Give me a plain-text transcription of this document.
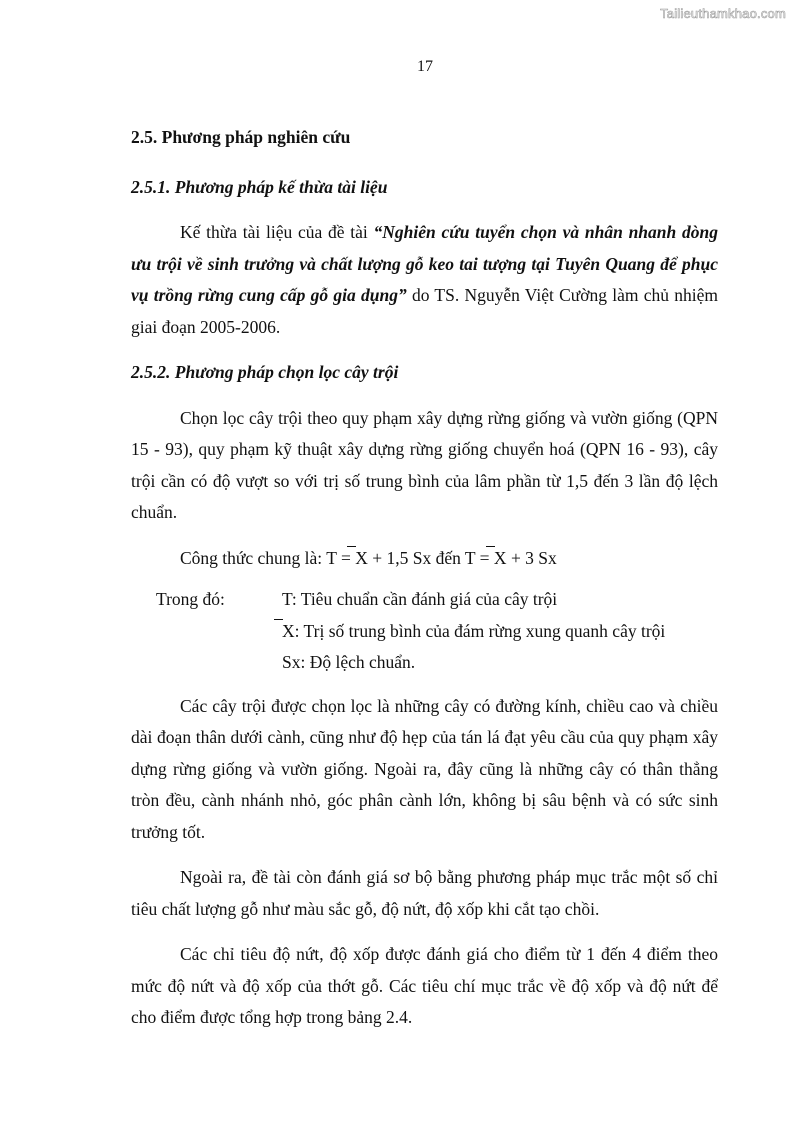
Tailieuthamkhao.com
17
2.5. Phương pháp nghiên cứu
2.5.1. Phương pháp kế thừa tài liệu

Kế thừa tài liệu của đề tài “Nghiên cứu tuyển chọn và nhân nhanh dòng ưu trội về sinh trưởng và chất lượng gỗ keo tai tượng tại Tuyên Quang để phục vụ trồng rừng cung cấp gỗ gia dụng” do TS. Nguyễn Việt Cường làm chủ nhiệm giai đoạn 2005-2006.

2.5.2. Phương pháp chọn lọc cây trội

Chọn lọc cây trội theo quy phạm xây dựng rừng giống và vườn giống (QPN 15 - 93), quy phạm kỹ thuật xây dựng rừng giống chuyển hoá (QPN 16 - 93), cây trội cần có độ vượt so với trị số trung bình của lâm phần từ 1,5 đến 3 lần độ lệch chuẩn.

Công thức chung là: T = X + 1,5 Sx đến T = X + 3 Sx
Trong đó:	T: Tiêu chuẩn cần đánh giá của cây trội
X: Trị số trung bình của đám rừng xung quanh cây trội
Sx: Độ lệch chuẩn.

Các cây trội được chọn lọc là những cây có đường kính, chiều cao và chiều dài đoạn thân dưới cành, cũng như độ hẹp của tán lá đạt yêu cầu của quy phạm xây dựng rừng giống và vườn giống. Ngoài ra, đây cũng là những cây có thân thẳng tròn đều, cành nhánh nhỏ, góc phân cành lớn, không bị sâu bệnh và có sức sinh trưởng tốt.

Ngoài ra, đề tài còn đánh giá sơ bộ bằng phương pháp mục trắc một số chỉ tiêu chất lượng gỗ như màu sắc gỗ, độ nứt, độ xốp khi cắt tạo chồi.

Các chỉ tiêu độ nứt, độ xốp được đánh giá cho điểm từ 1 đến 4 điểm theo mức độ nứt và độ xốp của thớt gỗ. Các tiêu chí mục trắc về độ xốp và độ nứt để cho điểm được tổng hợp trong bảng 2.4.
